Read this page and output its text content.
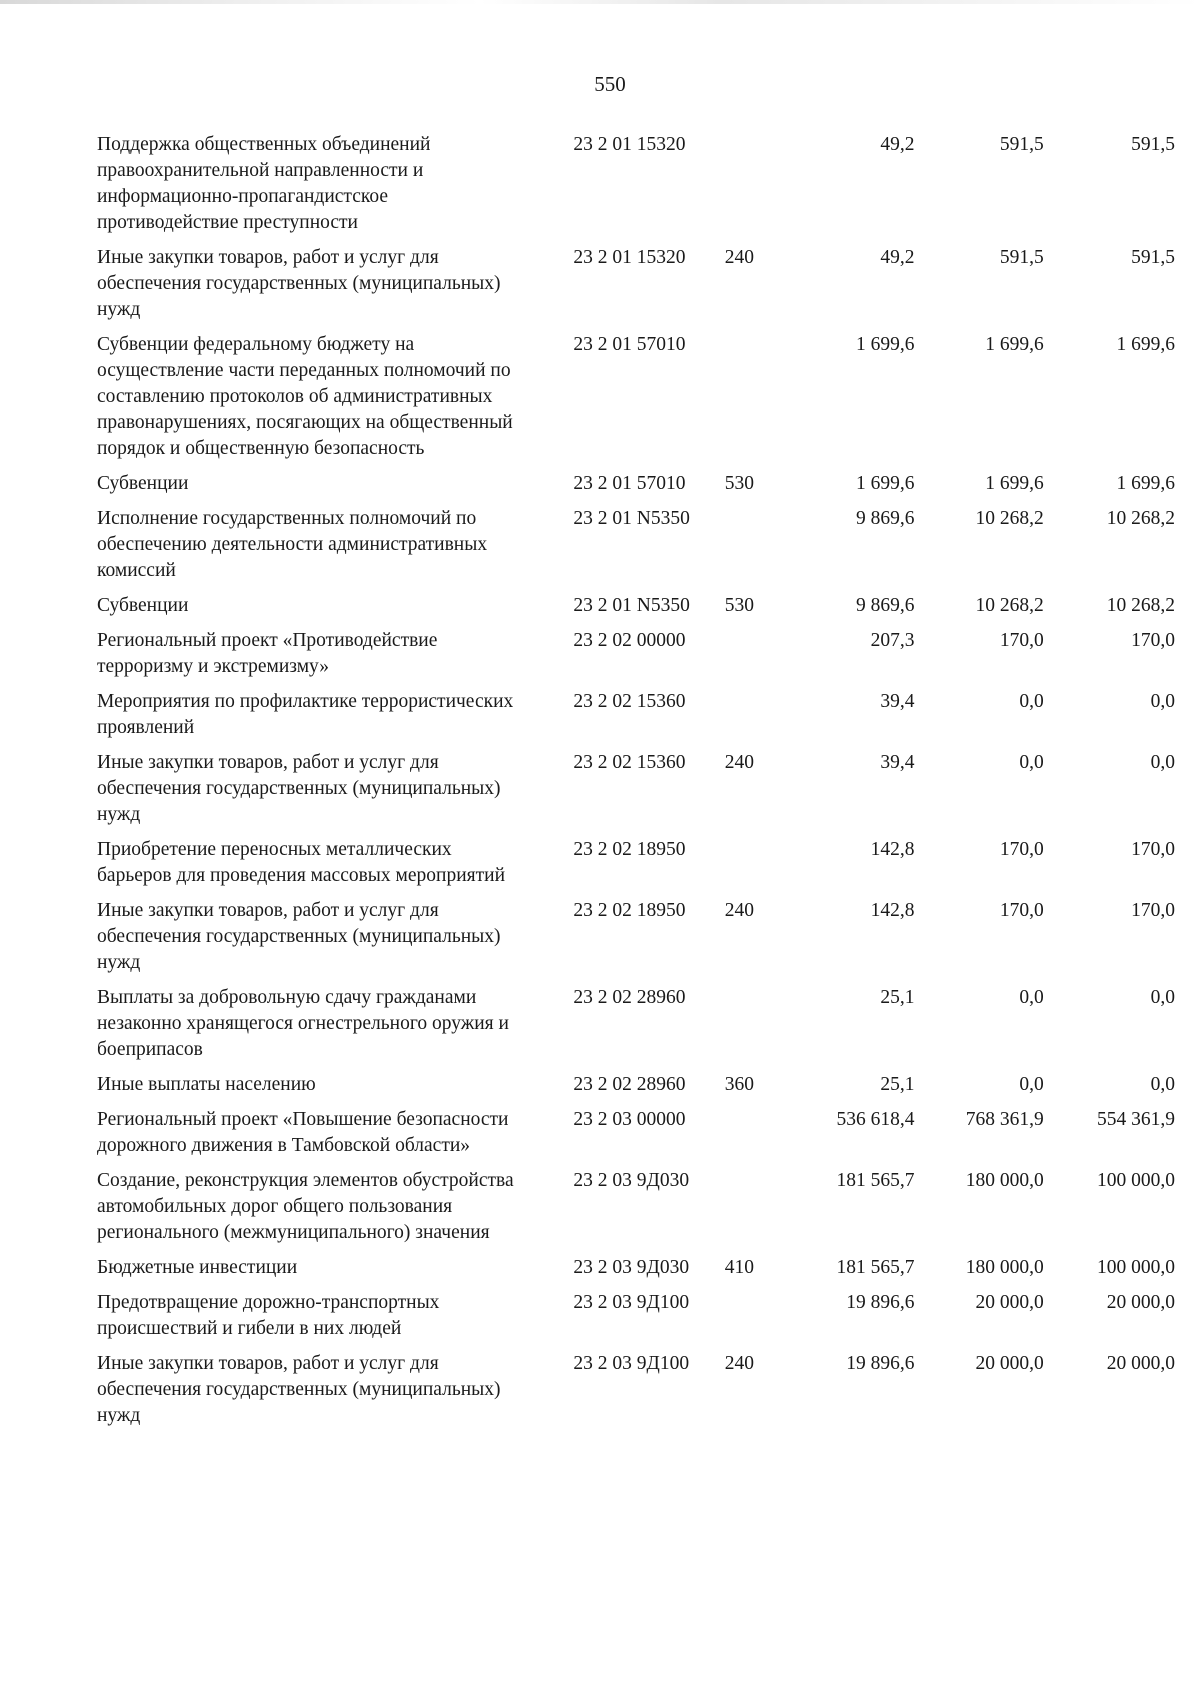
550
Поддержка общественных объединений правоохранительной направленности и информационно-пропагандистское противодействие преступности	23 2 01 15320		49,2	591,5	591,5

Иные закупки товаров, работ и услуг для обеспечения государственных (муниципальных) нужд	23 2 01 15320	240	49,2	591,5	591,5

Субвенции федеральному бюджету на осуществление части переданных полномочий по составлению протоколов об административных правонарушениях, посягающих на общественный порядок и общественную безопасность	23 2 01 57010		1 699,6	1 699,6	1 699,6

Субвенции	23 2 01 57010	530	1 699,6	1 699,6	1 699,6

Исполнение государственных полномочий по обеспечению деятельности административных комиссий	23 2 01 N5350		9 869,6	10 268,2	10 268,2

Субвенции	23 2 01 N5350	530	9 869,6	10 268,2	10 268,2

Региональный проект «Противодействие терроризму и экстремизму»	23 2 02 00000		207,3	170,0	170,0

Мероприятия по профилактике террористических проявлений	23 2 02 15360		39,4	0,0	0,0

Иные закупки товаров, работ и услуг для обеспечения государственных (муниципальных) нужд	23 2 02 15360	240	39,4	0,0	0,0

Приобретение переносных металлических барьеров для проведения массовых мероприятий	23 2 02 18950		142,8	170,0	170,0

Иные закупки товаров, работ и услуг для обеспечения государственных (муниципальных) нужд	23 2 02 18950	240	142,8	170,0	170,0

Выплаты за добровольную сдачу гражданами незаконно хранящегося огнестрельного оружия и боеприпасов	23 2 02 28960		25,1	0,0	0,0

Иные выплаты населению	23 2 02 28960	360	25,1	0,0	0,0

Региональный проект «Повышение безопасности дорожного движения в Тамбовской области»	23 2 03 00000		536 618,4	768 361,9	554 361,9

Создание, реконструкция элементов обустройства автомобильных дорог общего пользования регионального (межмуниципального) значения	23 2 03 9Д030		181 565,7	180 000,0	100 000,0

Бюджетные инвестиции	23 2 03 9Д030	410	181 565,7	180 000,0	100 000,0

Предотвращение дорожно-транспортных происшествий и гибели в них людей	23 2 03 9Д100		19 896,6	20 000,0	20 000,0

Иные закупки товаров, работ и услуг для обеспечения государственных (муниципальных) нужд	23 2 03 9Д100	240	19 896,6	20 000,0	20 000,0
